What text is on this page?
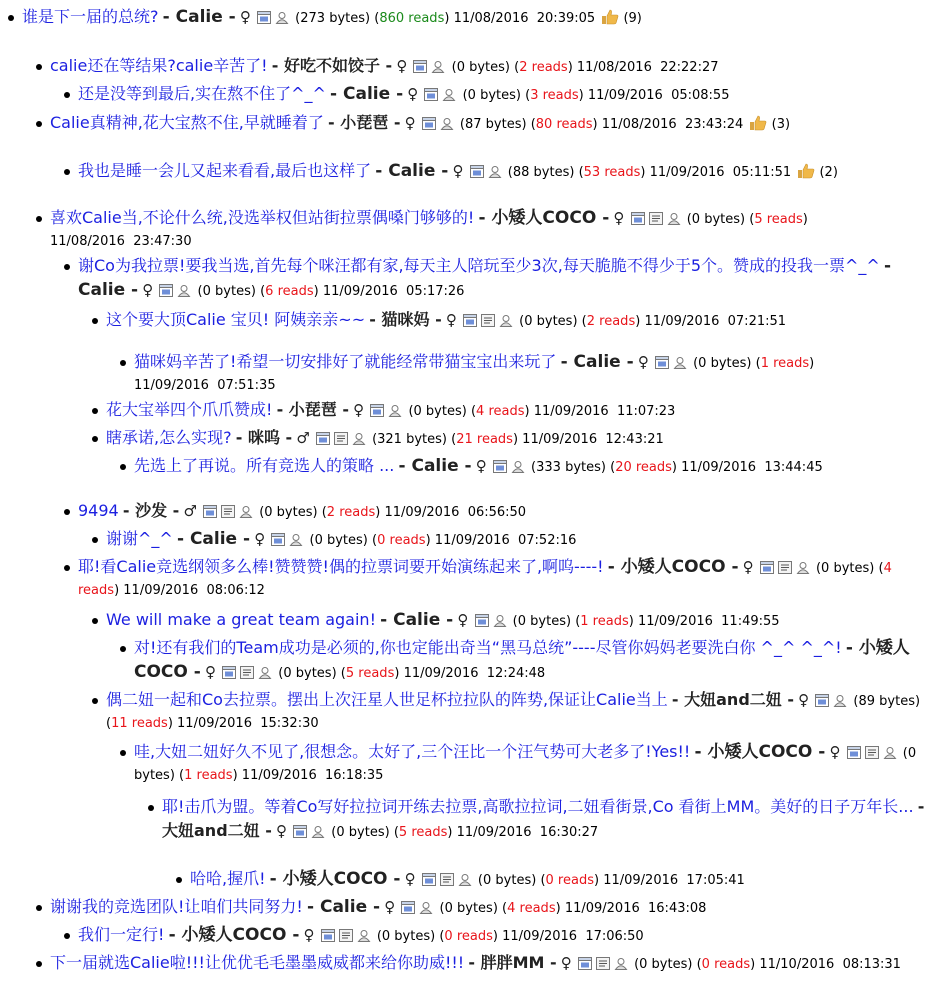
谁是下一届的总统? - Calie - ♀	(273 bytes) (860 reads) 11/08/2016 20:39:05 (9)
calie还在等结果?calie辛苦了! - 好吃不如饺子 - ♀	(0 bytes) (2 reads) 11/08/2016 22:22:27
还是没等到最后,实在熬不住了^_^ - Calie - ♀	(0 bytes) (3 reads) 11/09/2016 05:08:55
Calie真精神,花大宝熬不住,早就睡着了 - 小琵琶 - ♀	(87 bytes) (80 reads) 11/08/2016 23:43:24 (3)
我也是睡一会儿又起来看看,最后也这样了 - Calie - ♀	(88 bytes) (53 reads) 11/09/2016 05:11:51 (2)
喜欢Calie当,不论什么统,没选举权但站街拉票偶嗓门够够的! - 小矮人COCO - ♀	(0 bytes) (5 reads) 11/08/2016 23:47:30
谢Co为我拉票!要我当选,首先每个咪汪都有家,每天主人陪玩至少3次,每天脆脆不得少于5个。赞成的投我一票^_^ - Calie - ♀	(0 bytes) (6 reads) 11/09/2016 05:17:26
这个要大顶Calie 宝贝! 阿姨亲亲~~ - 猫咪妈 - ♀	(0 bytes) (2 reads) 11/09/2016 07:21:51
猫咪妈辛苦了!希望一切安排好了就能经常带猫宝宝出来玩了 - Calie - ♀	(0 bytes) (1 reads) 11/09/2016 07:51:35
花大宝举四个爪爪赞成! - 小琵琶 - ♀	(0 bytes) (4 reads) 11/09/2016 11:07:23
瞎承诺,怎么实现? - 咪呜 - ♂	(321 bytes) (21 reads) 11/09/2016 12:43:21
先选上了再说。所有竞选人的策略 ... - Calie - ♀	(333 bytes) (20 reads) 11/09/2016 13:44:45
9494 - 沙发 - ♂	(0 bytes) (2 reads) 11/09/2016 06:56:50
谢谢^_^ - Calie - ♀	(0 bytes) (0 reads) 11/09/2016 07:52:16
耶!看Calie竞选纲领多么棒!赞赞赞!偶的拉票词要开始演练起来了,啊呜----! - 小矮人COCO - ♀	(0 bytes) (4 reads) 11/09/2016 08:06:12
We will make a great team again! - Calie - ♀	(0 bytes) (1 reads) 11/09/2016 11:49:55
对!还有我们的Team成功是必须的,你也定能出奇当“黑马总统”----尽管你妈妈老要洗白你 ^_^ ^_^! - 小矮人COCO - ♀	(0 bytes) (5 reads) 11/09/2016 12:24:48
偶二妞一起和Co去拉票。摆出上次汪星人世足杯拉拉队的阵势,保证让Calie当上 - 大妞and二妞 - ♀	(89 bytes) (11 reads) 11/09/2016 15:32:30
哇,大妞二妞好久不见了,很想念。太好了,三个汪比一个汪气势可大老多了!Yes!! - 小矮人COCO - ♀	(0 bytes) (1 reads) 11/09/2016 16:18:35
耶!击爪为盟。等着Co写好拉拉词开练去拉票,高歌拉拉词,二妞看街景,Co 看街上MM。美好的日子万年长... - 大妞and二妞 - ♀	(0 bytes) (5 reads) 11/09/2016 16:30:27
哈哈,握爪! - 小矮人COCO - ♀	(0 bytes) (0 reads) 11/09/2016 17:05:41
谢谢我的竞选团队!让咱们共同努力! - Calie - ♀	(0 bytes) (4 reads) 11/09/2016 16:43:08
我们一定行! - 小矮人COCO - ♀	(0 bytes) (0 reads) 11/09/2016 17:06:50
下一届就选Calie啦!!!让优优毛毛墨墨威威都来给你助威!!! - 胖胖MM - ♀	(0 bytes) (0 reads) 11/10/2016 08:13:31
